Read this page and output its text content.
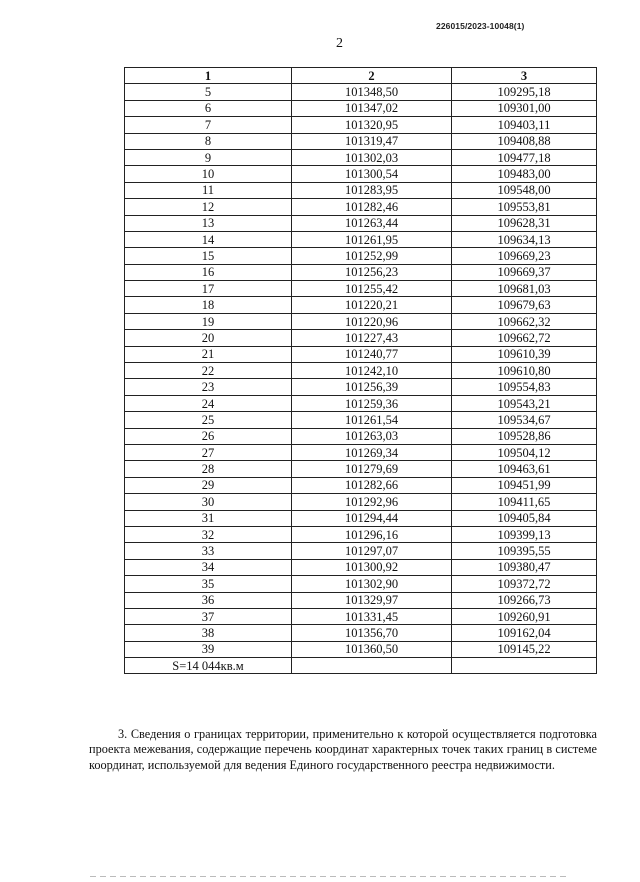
226015/2023-10048(1)
2
1	2	3
5	101348,50	109295,18
6	101347,02	109301,00
7	101320,95	109403,11
8	101319,47	109408,88
9	101302,03	109477,18
10	101300,54	109483,00
11	101283,95	109548,00
12	101282,46	109553,81
13	101263,44	109628,31
14	101261,95	109634,13
15	101252,99	109669,23
16	101256,23	109669,37
17	101255,42	109681,03
18	101220,21	109679,63
19	101220,96	109662,32
20	101227,43	109662,72
21	101240,77	109610,39
22	101242,10	109610,80
23	101256,39	109554,83
24	101259,36	109543,21
25	101261,54	109534,67
26	101263,03	109528,86
27	101269,34	109504,12
28	101279,69	109463,61
29	101282,66	109451,99
30	101292,96	109411,65
31	101294,44	109405,84
32	101296,16	109399,13
33	101297,07	109395,55
34	101300,92	109380,47
35	101302,90	109372,72
36	101329,97	109266,73
37	101331,45	109260,91
38	101356,70	109162,04
39	101360,50	109145,22
S=14 044кв.м		
3. Сведения о границах территории, применительно к которой осуществляется подготовка проекта межевания, содержащие перечень координат характерных точек таких границ в системе координат, используемой для ведения Единого государственного реестра недвижимости.
